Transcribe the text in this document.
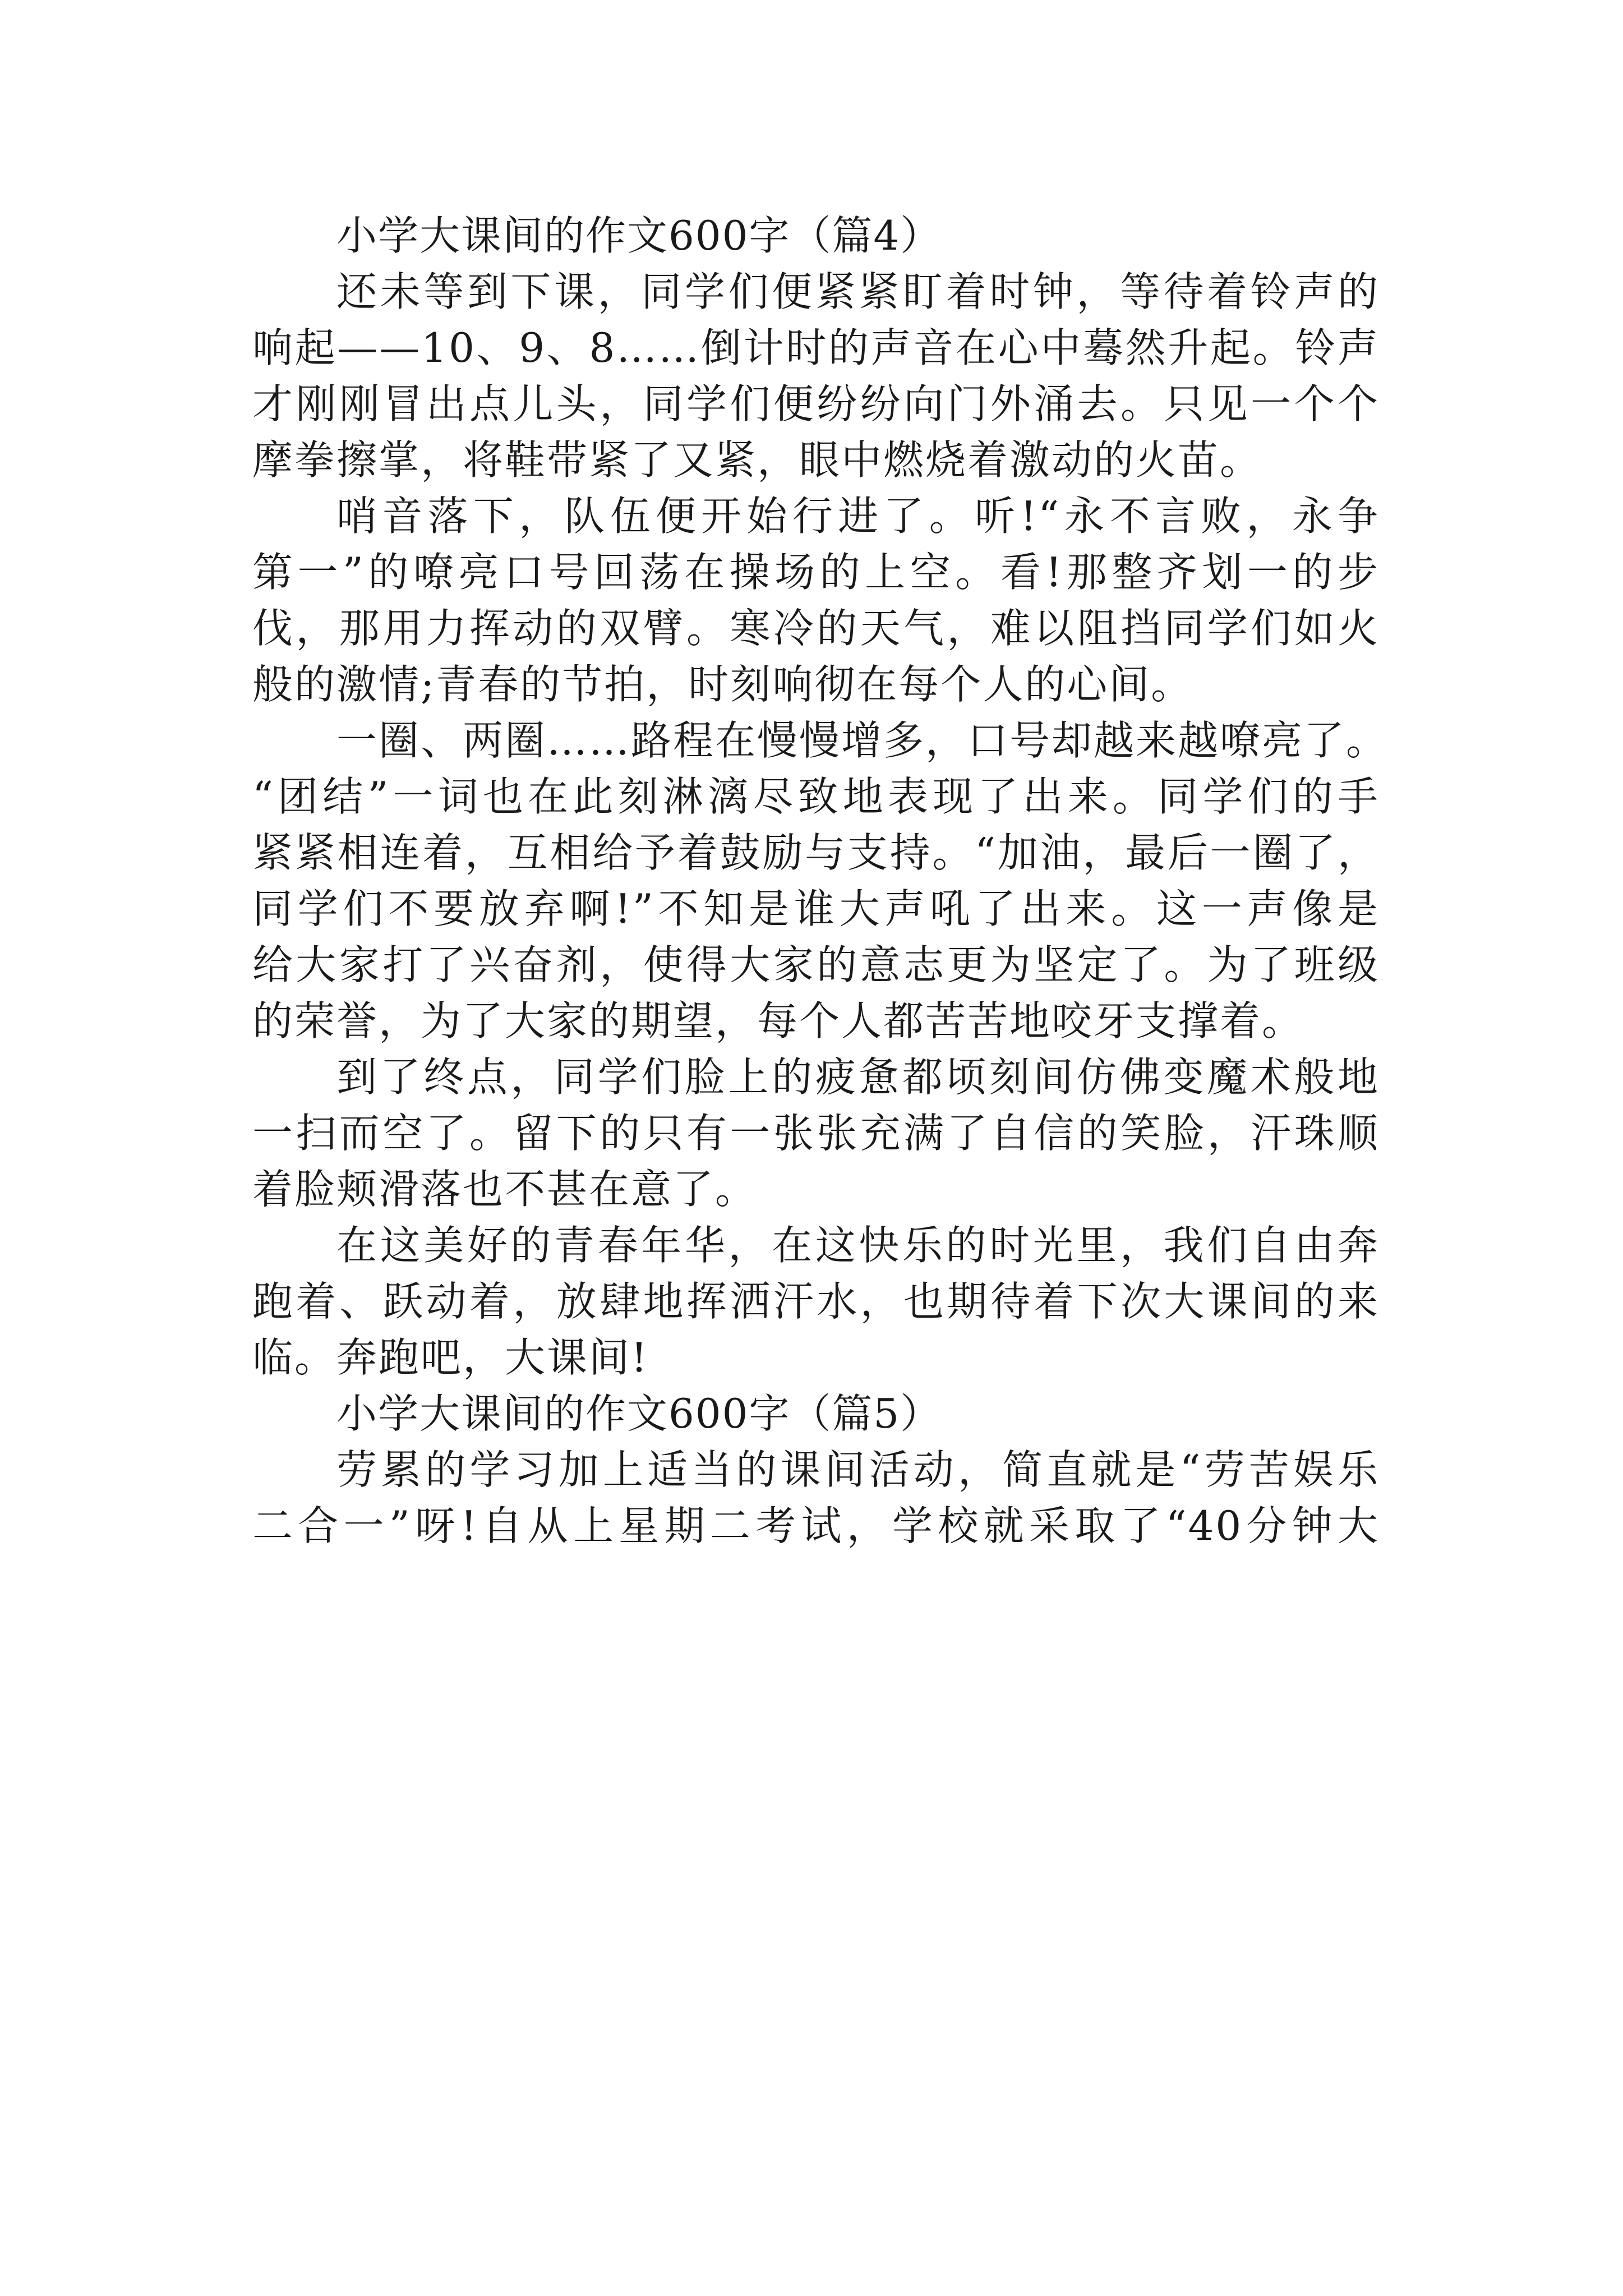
小学大课间的作文600字（篇4）

还未等到下课，同学们便紧紧盯着时钟，等待着铃声的

响起——10、9、8……倒计时的声音在心中蓦然升起。铃声

才刚刚冒出点儿头，同学们便纷纷向门外涌去。只见一个个

摩拳擦掌，将鞋带紧了又紧，眼中燃烧着激动的火苗。

哨音落下，队伍便开始行进了。听!“永不言败，永争

第一”的嘹亮口号回荡在操场的上空。看!那整齐划一的步

伐，那用力挥动的双臂。寒冷的天气，难以阻挡同学们如火

般的激情;青春的节拍，时刻响彻在每个人的心间。

一圈、两圈……路程在慢慢增多，口号却越来越嘹亮了。

“团结”一词也在此刻淋漓尽致地表现了出来。同学们的手

紧紧相连着，互相给予着鼓励与支持。“加油，最后一圈了，

同学们不要放弃啊!”不知是谁大声吼了出来。这一声像是

给大家打了兴奋剂，使得大家的意志更为坚定了。为了班级

的荣誉，为了大家的期望，每个人都苦苦地咬牙支撑着。

到了终点，同学们脸上的疲惫都顷刻间仿佛变魔术般地

一扫而空了。留下的只有一张张充满了自信的笑脸，汗珠顺

着脸颊滑落也不甚在意了。

在这美好的青春年华，在这快乐的时光里，我们自由奔

跑着、跃动着，放肆地挥洒汗水，也期待着下次大课间的来

临。奔跑吧，大课间!

小学大课间的作文600字（篇5）

劳累的学习加上适当的课间活动，简直就是“劳苦娱乐

二合一”呀!自从上星期二考试，学校就采取了“40分钟大
